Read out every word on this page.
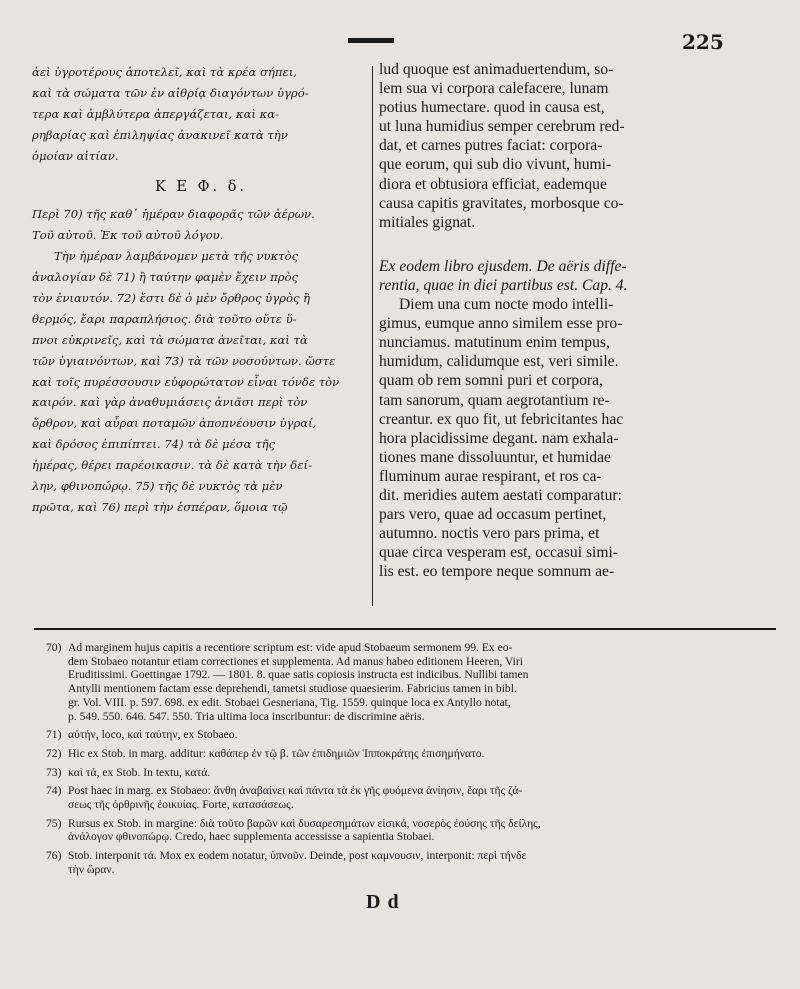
225
ἀεὶ ὑγροτέρους ἀποτελεῖ, καὶ τὰ κρέα σήπει,
καὶ τὰ σώματα τῶν ἐν αἰθρίᾳ διαγόντων ὑγρό-
τερα καὶ ἀμβλύτερα ἀπεργάζεται, καὶ κα-
ρηβαρίας καὶ ἐπιληψίας ἀνακινεῖ κατὰ τὴν
ὁμοίαν αἰτίαν.
Κ Ε Φ. δ.
Περὶ 70) τῆς καθ᾽ ἡμέραν διαφορᾶς τῶν ἀέρων.
Τοῦ αὐτοῦ. Ἐκ τοῦ αὐτοῦ λόγου.
Τὴν ἡμέραν λαμβάνομεν μετὰ τῆς νυκτὸς
ἀναλογίαν δὲ 71) ἢ ταύτην φαμὲν ἔχειν πρὸς
τὸν ἐνιαυτόν. 72) ἔστι δὲ ὁ μὲν ὄρθρος ὑγρὸς ἢ
θερμός, ἔαρι παραπλήσιος. διὰ τοῦτο οὔτε ὕ-
πνοι εὐκρινεῖς, καὶ τὰ σώματα ἀνεῖται, καὶ τὰ
τῶν ὑγιαινόντων, καὶ 73) τὰ τῶν νοσούντων. ὥστε
καὶ τοῖς πυρέσσουσιν εὐφορώτατον εἶναι τόνδε τὸν
καιρόν. καὶ γὰρ ἀναθυμιάσεις ἀνιᾶσι περὶ τὸν
ὄρθρον, καὶ αὖραι ποταμῶν ἀποπνέουσιν ὑγραί,
καὶ δρόσος ἐπιπίπτει. 74) τὰ δὲ μέσα τῆς
ἡμέρας, θέρει παρέοικασιν. τὰ δὲ κατὰ τὴν δεί-
λην, φθινοπώρῳ. 75) τῆς δὲ νυκτὸς τὰ μὲν
πρῶτα, καὶ 76) περὶ τὴν ἑσπέραν, ὅμοια τῷ
lud quoque est animaduertendum, so-
lem sua vi corpora calefacere, lunam
potius humectare. quod in causa est,
ut luna humidius semper cerebrum red-
dat, et carnes putres faciat: corpora-
que eorum, qui sub dio vivunt, humi-
diora et obtusiora efficiat, eademque
causa capitis gravitates, morbosque co-
mitiales gignat.
Ex eodem libro ejusdem. De aëris diffe-
rentia, quae in diei partibus est. Cap. 4.
Diem una cum nocte modo intelli-
gimus, eumque anno similem esse pro-
nunciamus. matutinum enim tempus,
humidum, calidumque est, veri simile.
quam ob rem somni puri et corpora,
tam sanorum, quam aegrotantium re-
creantur. ex quo fit, ut febricitantes hac
hora placidissime degant. nam exhala-
tiones mane dissoluuntur, et humidae
fluminum aurae respirant, et ros ca-
dit. meridies autem aestati comparatur:
pars vero, quae ad occasum pertinet,
autumno. noctis vero pars prima, et
quae circa vesperam est, occasui simi-
lis est. eo tempore neque somnum ae-
70) Ad marginem hujus capitis a recentiore scriptum est: vide apud Stobaeum sermonem 99. Ex eo-
dem Stobaeo notantur etiam correctiones et supplementa. Ad manus habeo editionem Heeren, Viri
Eruditissimi. Goettingae 1792. — 1801. 8. quae satis copiosis instructa est indicibus. Nullibi tamen
Antylli mentionem factam esse deprehendi, tametsi studiose quaesierim. Fabricius tamen in bibl.
gr. Vol. VIII. p. 597. 698. ex edit. Stobaei Gesneriana, Tig. 1559. quinque loca ex Antyllo notat,
p. 549. 550. 646. 547. 550. Tria ultima loca inscribuntur: de discrimine aëris.
71) αὐτήν, loco, καὶ ταύτην, ex Stobaeo.
72) Hic ex Stob. in marg. additur: καθάπερ ἐν τῷ β. τῶν ἐπιδημιῶν Ἱπποκράτης ἐπισημήνατο.
73) καὶ τά, ex Stob. In textu, κατά.
74) Post haec in marg. ex Stobaeo: ἄνθη ἀναβαίνει καὶ πάντα τὰ ἐκ γῆς φυόμενα ἀνίησιν, ἔαρι τῆς ζά-
σεως τῆς ὀρθρινῆς ἐοικυίας. Forte, κατασάσεως.
75) Rursus ex Stob. in margine: διὰ τοῦτο βαρῶν καὶ δυσαρεσημάτων εἰσικά, νοσερὸς ἐούσης τῆς δείλης,
ἀνάλογον φθινοπώρῳ. Credo, haec supplementa accessisse a sapientia Stobaei.
76) Stob. interponit τά. Mox ex eodem notatur, ὑπνοῦν. Deinde, post καμνουσιν, interponit: περὶ τήνδε
τὴν ὥραν.
D d
